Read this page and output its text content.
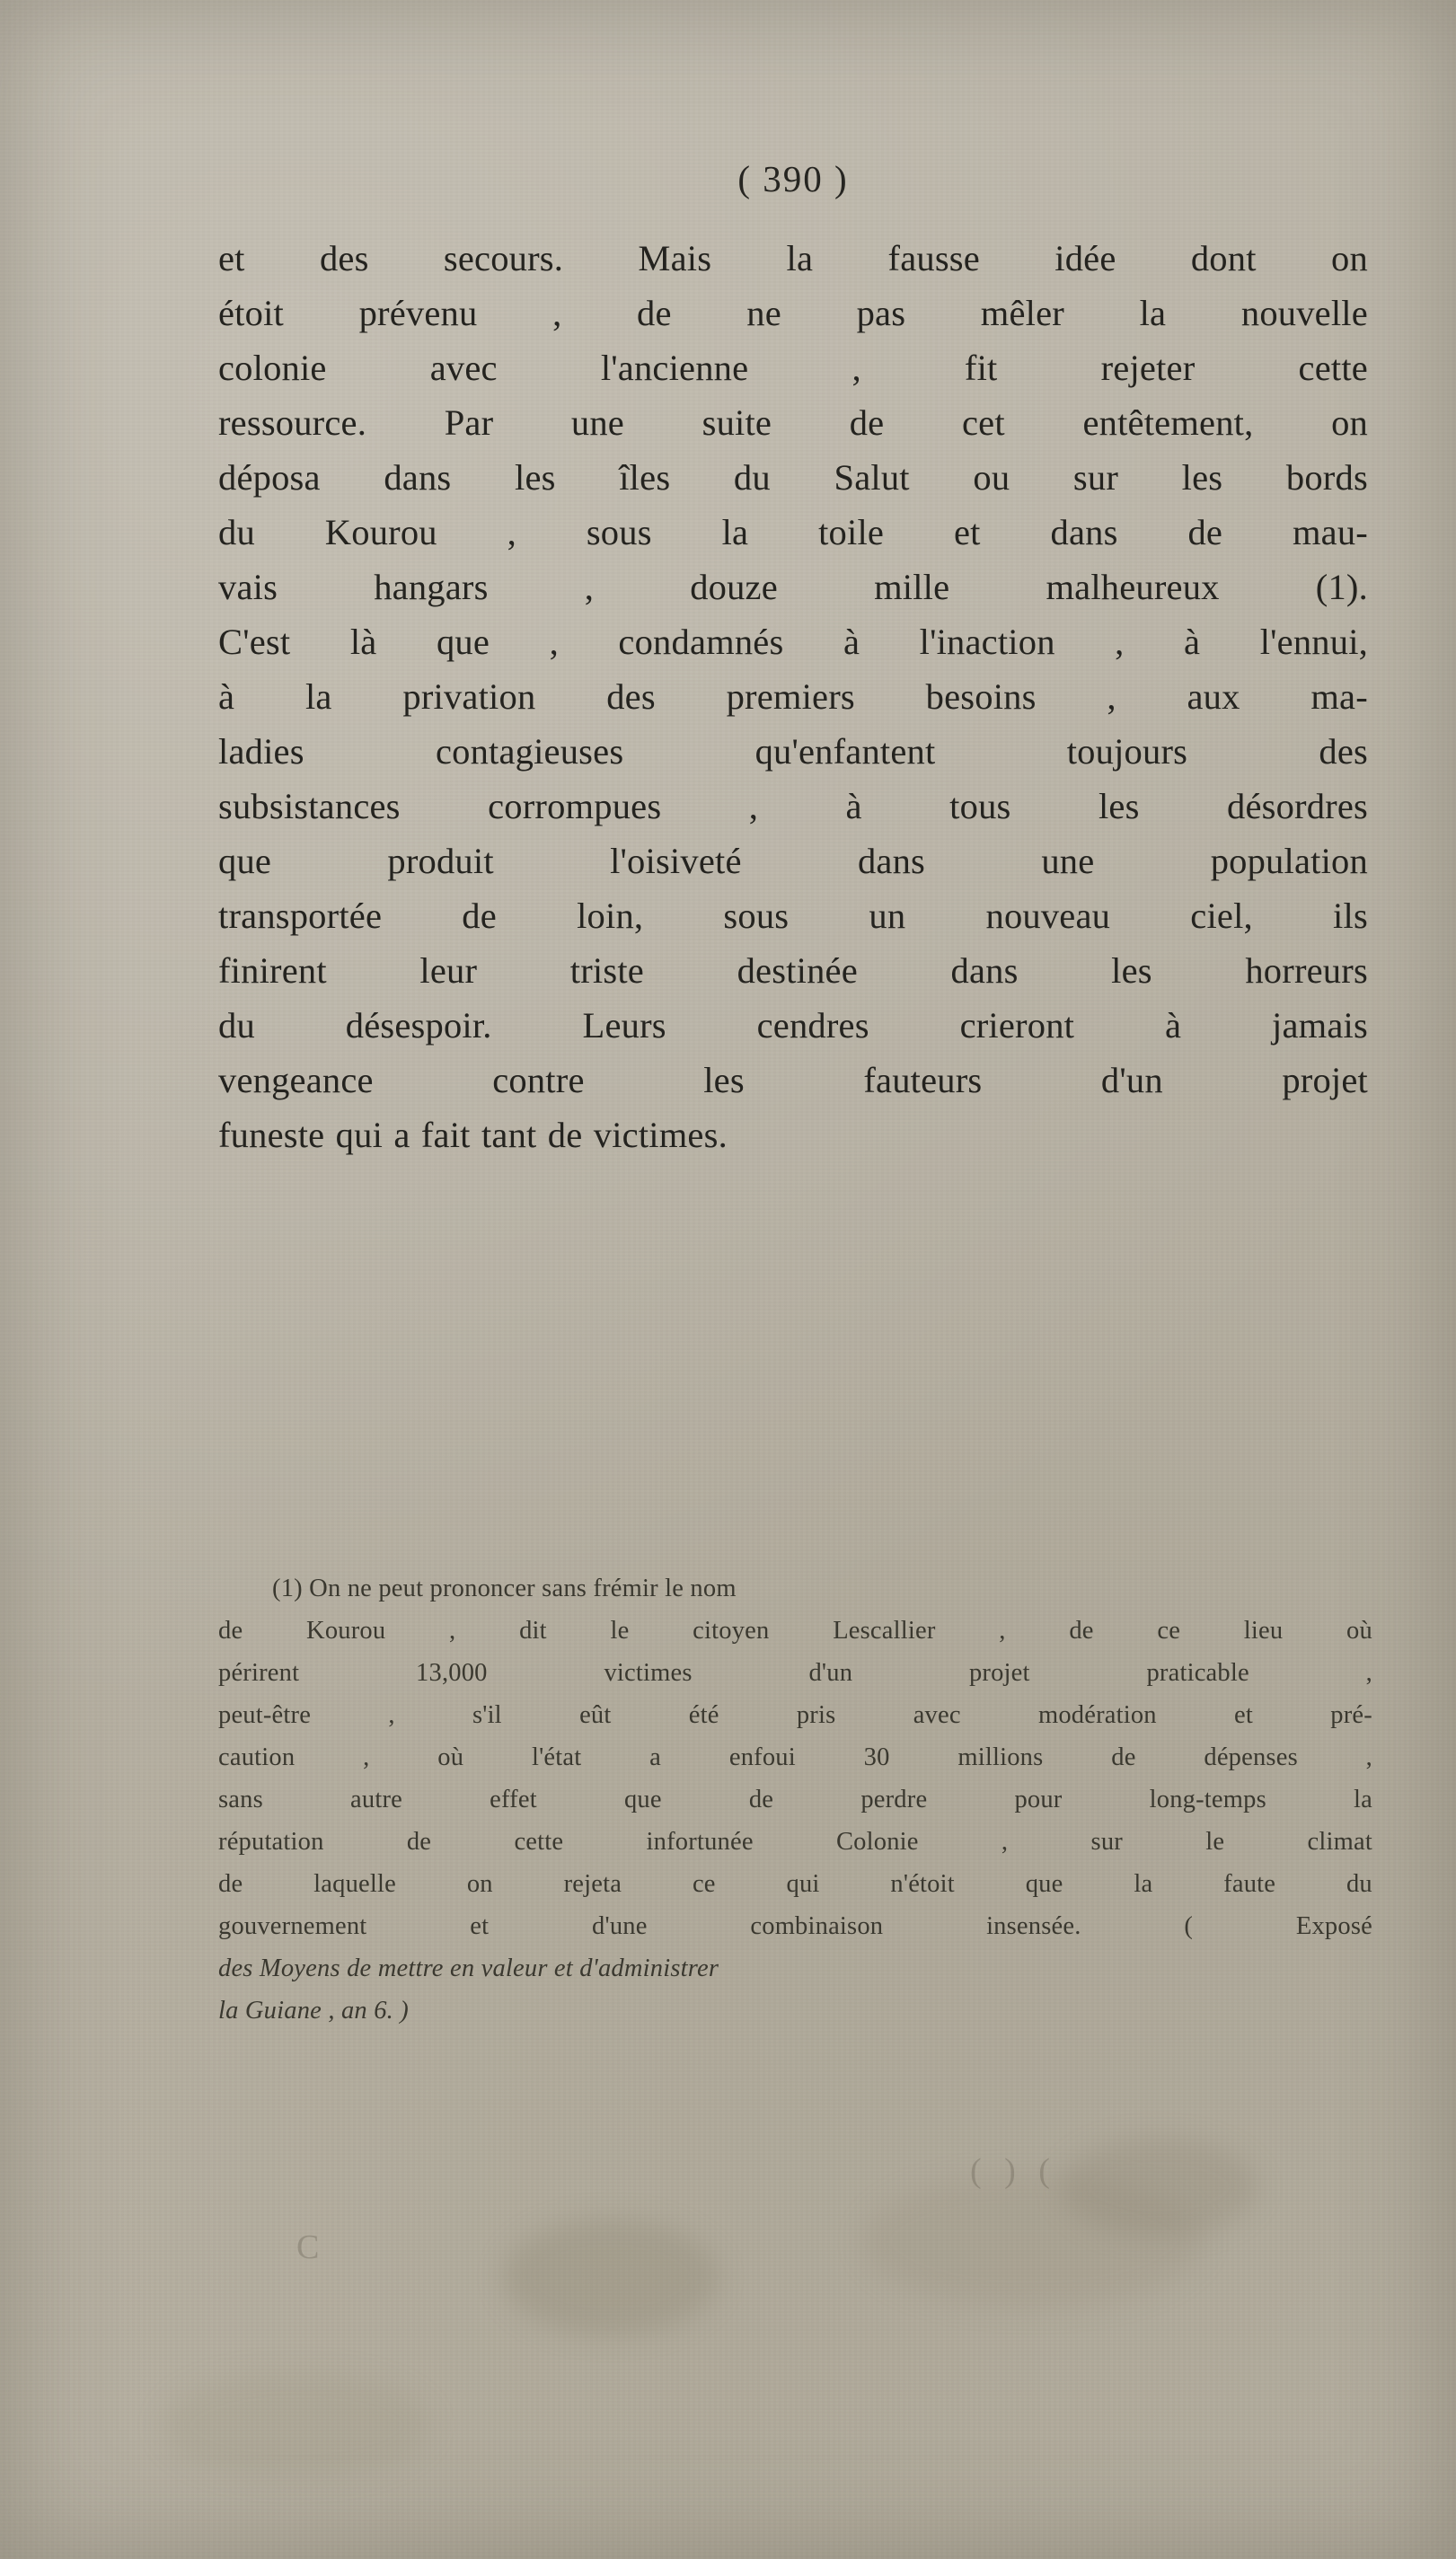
( ) (
C
( 390 )
et des secours. Mais la fausse idée dont on
étoit prévenu , de ne pas mêler la nouvelle
colonie	avec	l'ancienne	,	fit	rejeter	cette
ressource. Par une suite de cet entêtement, on
déposa dans les îles du Salut ou sur les bords
du Kourou , sous la toile et dans de mau-
vais	hangars	,	douze	mille	malheureux	(1).
C'est là que , condamnés à l'inaction , à l'ennui,
à la privation des premiers besoins , aux ma-
ladies	contagieuses	qu'enfantent	toujours	des
subsistances corrompues , à tous les désordres
que	produit	l'oisiveté	dans	une	population
transportée de loin, sous un nouveau ciel, ils
finirent	leur	triste	destinée	dans	les	horreurs
du désespoir. Leurs cendres crieront à jamais
vengeance	contre	les	fauteurs	d'un	projet
funeste qui a fait tant de victimes.
(1) On ne peut prononcer sans frémir le nom
de Kourou , dit le citoyen Lescallier , de ce lieu où
périrent	13,000	victimes	d'un	projet	praticable	,
peut-être	,	s'il	eût	été	pris	avec	modération	et	pré-
caution	,	où	l'état	a	enfoui	30	millions	de	dépenses	,
sans	autre	effet	que	de	perdre	pour	long-temps	la
réputation	de	cette	infortunée	Colonie	,	sur	le	climat
de	laquelle	on	rejeta	ce	qui	n'étoit	que	la	faute	du
gouvernement	et	d'une	combinaison	insensée.	(	Exposé
des Moyens de mettre en valeur et d'administrer
la Guiane , an 6. )
